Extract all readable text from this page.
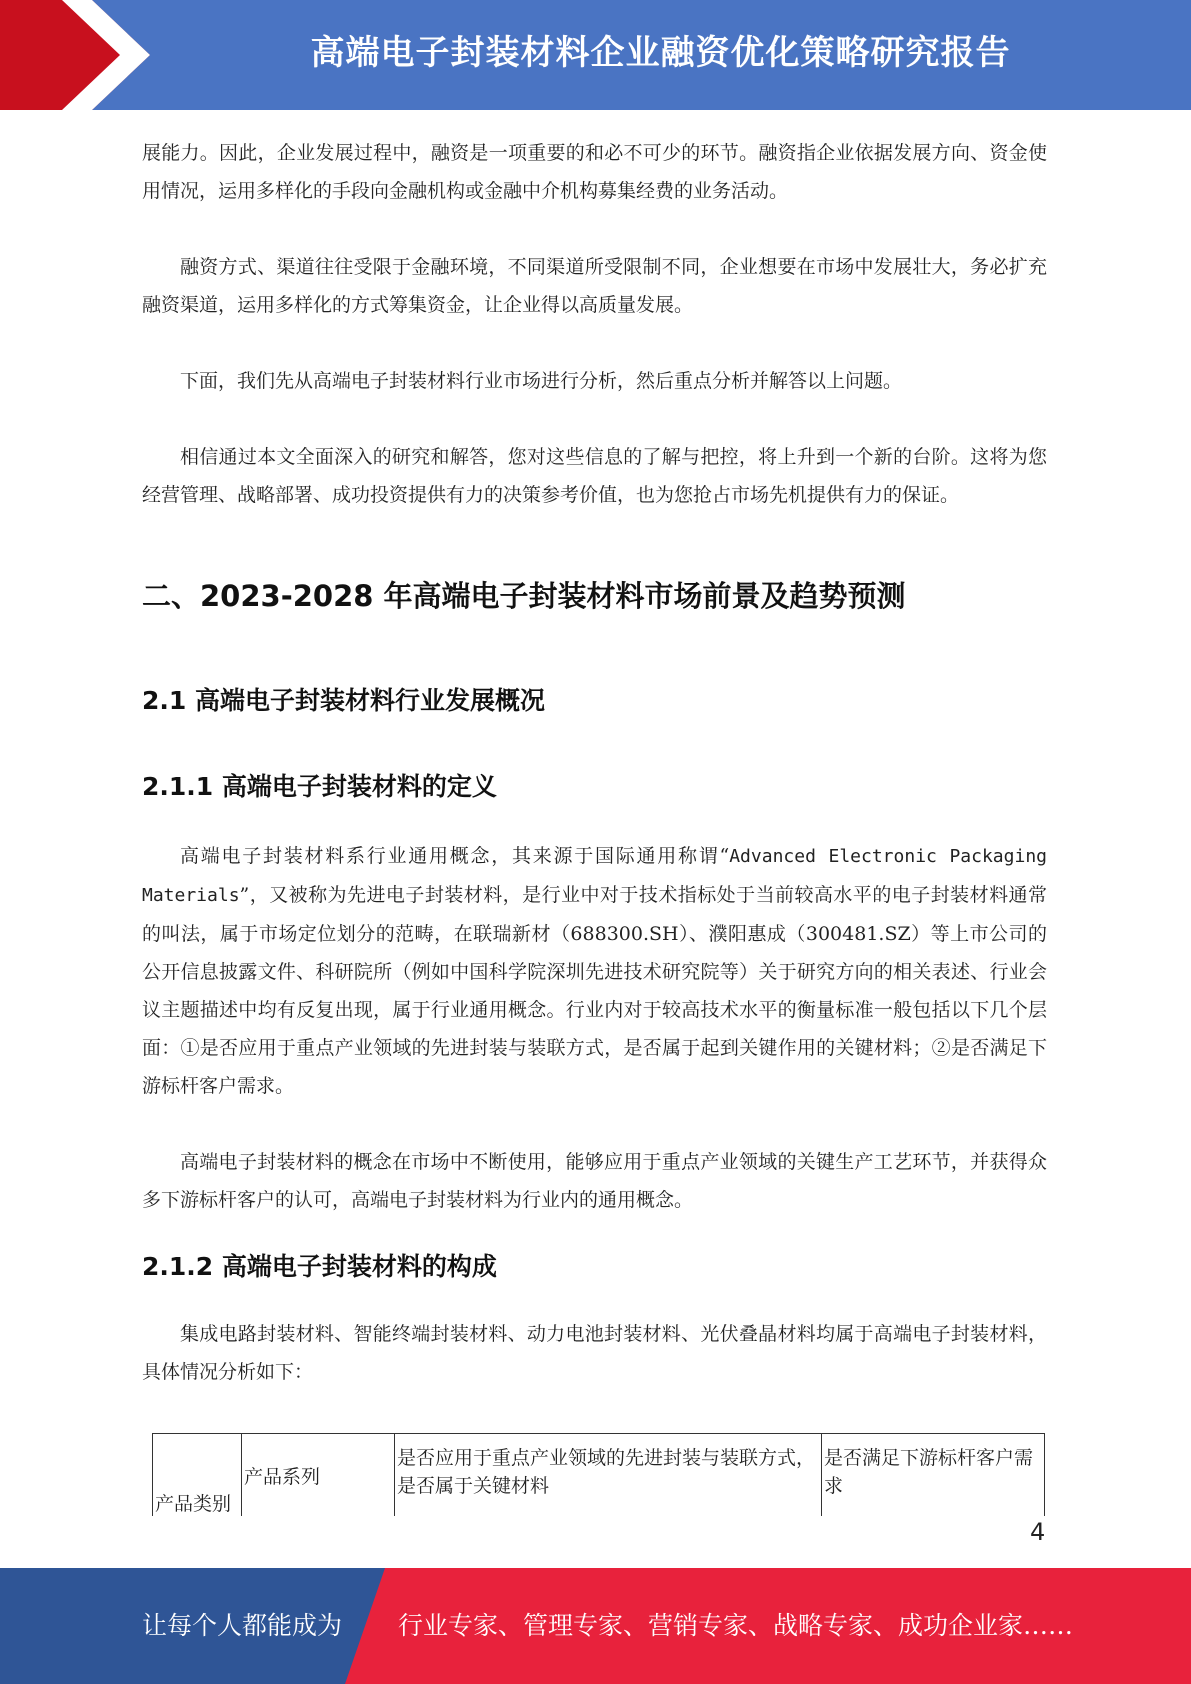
高端电子封装材料企业融资优化策略研究报告

展能力。因此，企业发展过程中，融资是一项重要的和必不可少的环节。融资指企业依据发展方向、资金使用情况，运用多样化的手段向金融机构或金融中介机构募集经费的业务活动。

融资方式、渠道往往受限于金融环境，不同渠道所受限制不同，企业想要在市场中发展壮大，务必扩充融资渠道，运用多样化的方式筹集资金，让企业得以高质量发展。

下面，我们先从高端电子封装材料行业市场进行分析，然后重点分析并解答以上问题。

相信通过本文全面深入的研究和解答，您对这些信息的了解与把控，将上升到一个新的台阶。这将为您经营管理、战略部署、成功投资提供有力的决策参考价值，也为您抢占市场先机提供有力的保证。

二、2023-2028 年高端电子封装材料市场前景及趋势预测
2.1 高端电子封装材料行业发展概况
2.1.1 高端电子封装材料的定义

高端电子封装材料系行业通用概念，其来源于国际通用称谓“Advanced Electronic Packaging Materials”，又被称为先进电子封装材料，是行业中对于技术指标处于当前较高水平的电子封装材料通常的叫法，属于市场定位划分的范畴，在联瑞新材（688300.SH）、濮阳惠成（300481.SZ）等上市公司的公开信息披露文件、科研院所（例如中国科学院深圳先进技术研究院等）关于研究方向的相关表述、行业会议主题描述中均有反复出现，属于行业通用概念。行业内对于较高技术水平的衡量标准一般包括以下几个层面：①是否应用于重点产业领域的先进封装与装联方式，是否属于起到关键作用的关键材料；②是否满足下游标杆客户需求。

高端电子封装材料的概念在市场中不断使用，能够应用于重点产业领域的关键生产工艺环节，并获得众多下游标杆客户的认可，高端电子封装材料为行业内的通用概念。

2.1.2 高端电子封装材料的构成

集成电路封装材料、智能终端封装材料、动力电池封装材料、光伏叠晶材料均属于高端电子封装材料，具体情况分析如下：

产品类别	产品系列	是否应用于重点产业领域的先进封装与装联方式，是否属于关键材料	是否满足下游标杆客户需求
4
让每个人都能成为 行业专家、管理专家、营销专家、战略专家、成功企业家……
